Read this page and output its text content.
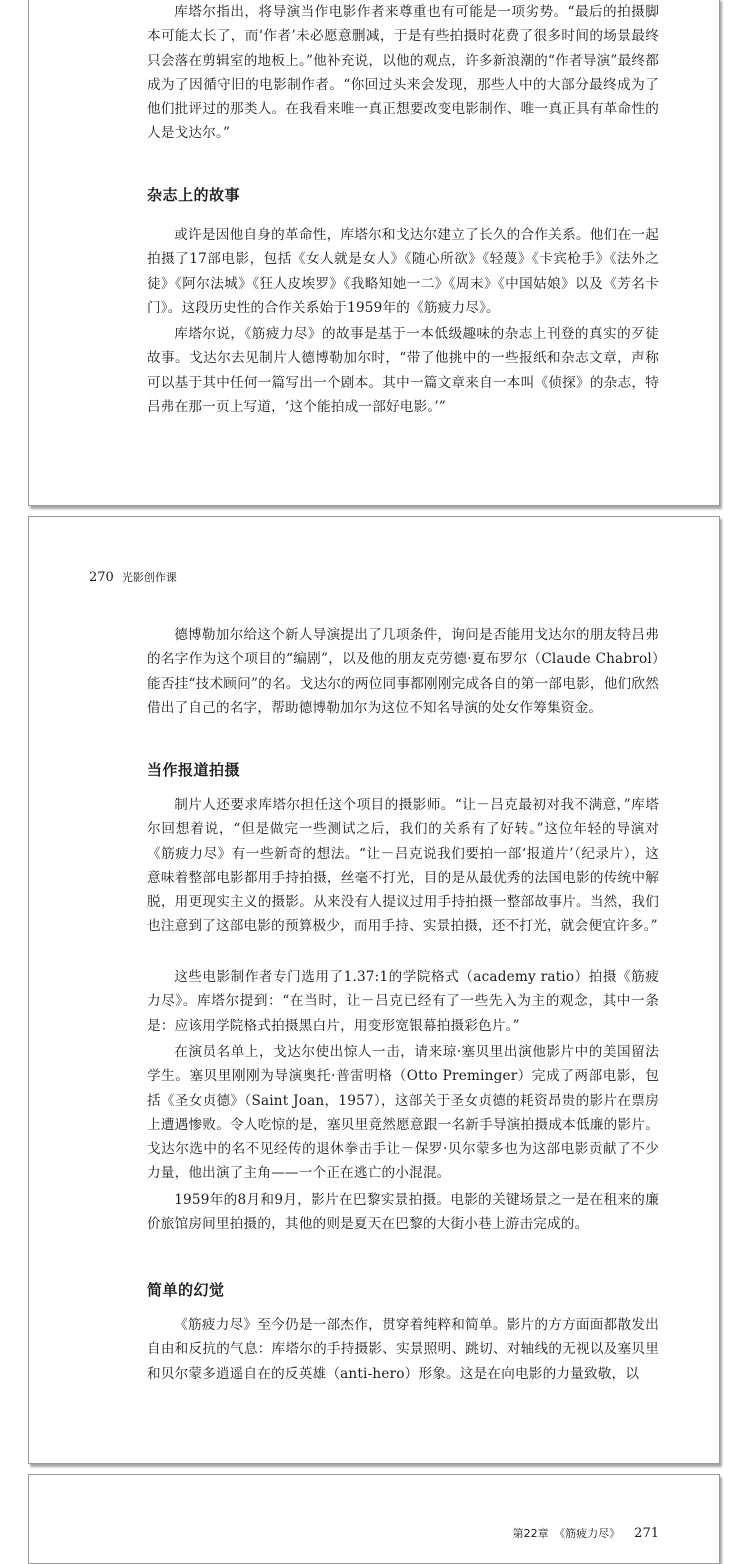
库塔尔指出，将导演当作电影作者来尊重也有可能是一项劣势。“最后的拍摄脚本可能太长了，而‘作者’未必愿意删减，于是有些拍摄时花费了很多时间的场景最终只会落在剪辑室的地板上。”他补充说，以他的观点，许多新浪潮的“作者导演”最终都成为了因循守旧的电影制作者。“你回过头来会发现，那些人中的大部分最终成为了他们批评过的那类人。在我看来唯一真正想要改变电影制作、唯一真正具有革命性的人是戈达尔。”

杂志上的故事

或许是因他自身的革命性，库塔尔和戈达尔建立了长久的合作关系。他们在一起拍摄了17部电影，包括《女人就是女人》《随心所欲》《轻蔑》《卡宾枪手》《法外之徒》《阿尔法城》《狂人皮埃罗》《我略知她一二》《周末》《中国姑娘》以及《芳名卡门》。这段历史性的合作关系始于1959年的《筋疲力尽》。

库塔尔说，《筋疲力尽》的故事是基于一本低级趣味的杂志上刊登的真实的歹徒故事。戈达尔去见制片人德博勒加尔时，“带了他挑中的一些报纸和杂志文章，声称可以基于其中任何一篇写出一个剧本。其中一篇文章来自一本叫《侦探》的杂志，特吕弗在那一页上写道，‘这个能拍成一部好电影。’”

270 光影创作课

德博勒加尔给这个新人导演提出了几项条件，询问是否能用戈达尔的朋友特吕弗的名字作为这个项目的“编剧”，以及他的朋友克劳德·夏布罗尔（Claude Chabrol）能否挂“技术顾问”的名。戈达尔的两位同事都刚刚完成各自的第一部电影，他们欣然借出了自己的名字，帮助德博勒加尔为这位不知名导演的处女作筹集资金。

当作报道拍摄

制片人还要求库塔尔担任这个项目的摄影师。“让－吕克最初对我不满意，”库塔尔回想着说，“但是做完一些测试之后，我们的关系有了好转。”这位年轻的导演对《筋疲力尽》有一些新奇的想法。“让－吕克说我们要拍一部‘报道片’（纪录片），这意味着整部电影都用手持拍摄，丝毫不打光，目的是从最优秀的法国电影的传统中解脱，用更现实主义的摄影。从来没有人提议过用手持拍摄一整部故事片。当然，我们也注意到了这部电影的预算极少，而用手持、实景拍摄，还不打光，就会便宜许多。”

这些电影制作者专门选用了1.37:1的学院格式（academy ratio）拍摄《筋疲力尽》。库塔尔提到：“在当时，让－吕克已经有了一些先入为主的观念，其中一条是：应该用学院格式拍摄黑白片，用变形宽银幕拍摄彩色片。”

在演员名单上，戈达尔使出惊人一击，请来琼·塞贝里出演他影片中的美国留法学生。塞贝里刚刚为导演奥托·普雷明格（Otto Preminger）完成了两部电影，包括《圣女贞德》（Saint Joan，1957），这部关于圣女贞德的耗资昂贵的影片在票房上遭遇惨败。令人吃惊的是，塞贝里竟然愿意跟一名新手导演拍摄成本低廉的影片。戈达尔选中的名不见经传的退休拳击手让－保罗·贝尔蒙多也为这部电影贡献了不少力量，他出演了主角——一个正在逃亡的小混混。

1959年的8月和9月，影片在巴黎实景拍摄。电影的关键场景之一是在租来的廉价旅馆房间里拍摄的，其他的则是夏天在巴黎的大街小巷上游击完成的。

简单的幻觉

《筋疲力尽》至今仍是一部杰作，贯穿着纯粹和简单。影片的方方面面都散发出自由和反抗的气息：库塔尔的手持摄影、实景照明、跳切、对轴线的无视以及塞贝里和贝尔蒙多逍遥自在的反英雄（anti-hero）形象。这是在向电影的力量致敬，以

第22章　《筋疲力尽》 271
